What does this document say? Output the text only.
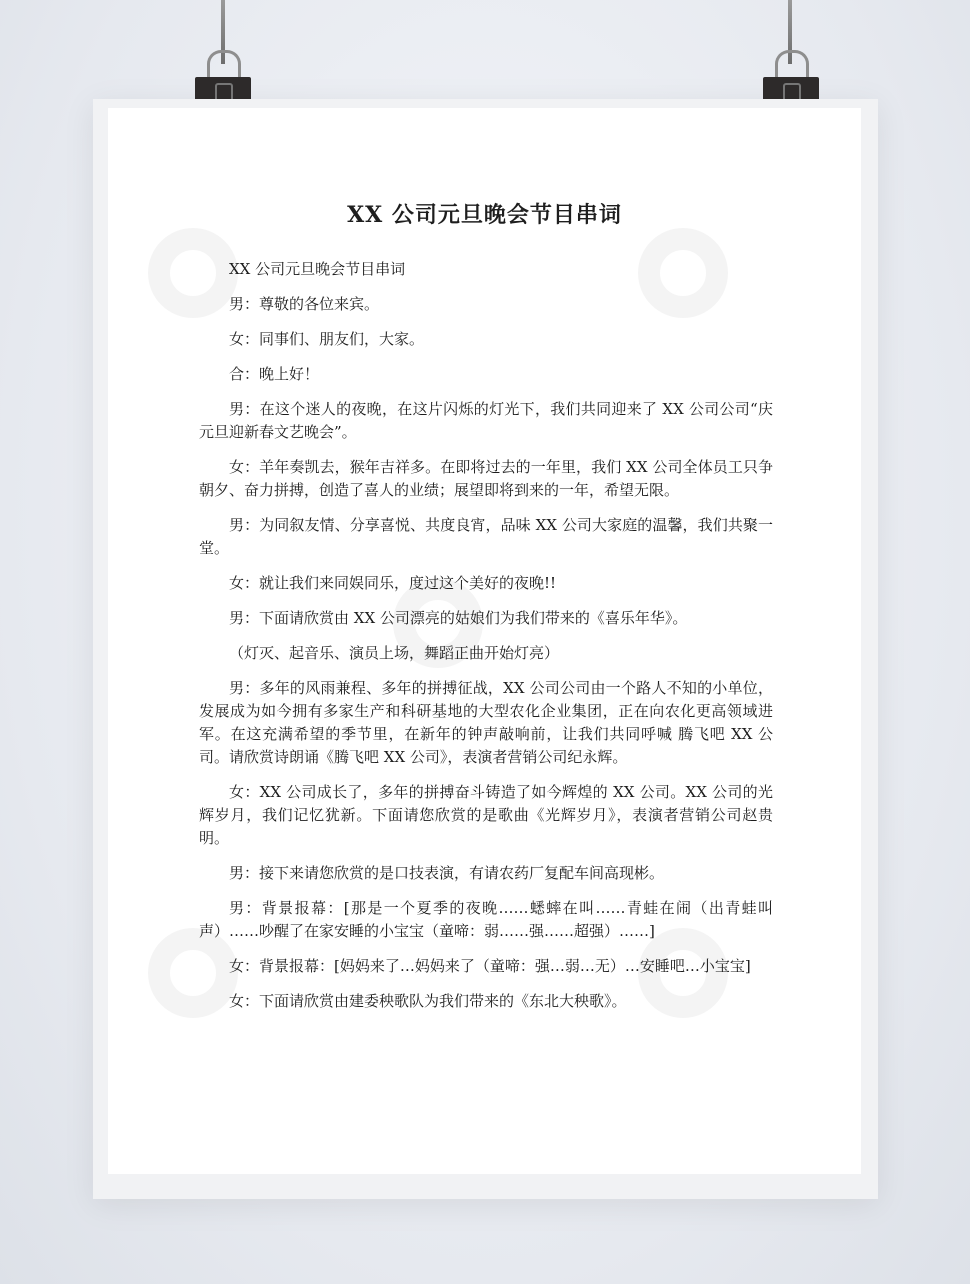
XX 公司元旦晚会节目串词

XX 公司元旦晚会节目串词

男：尊敬的各位来宾。

女：同事们、朋友们，大家。

合：晚上好！

男：在这个迷人的夜晚，在这片闪烁的灯光下，我们共同迎来了 XX 公司公司“庆元旦迎新春文艺晚会”。

女：羊年奏凯去，猴年吉祥多。在即将过去的一年里，我们 XX 公司全体员工只争朝夕、奋力拼搏，创造了喜人的业绩；展望即将到来的一年，希望无限。

男：为同叙友情、分享喜悦、共度良宵，品味 XX 公司大家庭的温馨，我们共聚一堂。

女：就让我们来同娱同乐，度过这个美好的夜晚!!

男：下面请欣赏由 XX 公司漂亮的姑娘们为我们带来的《喜乐年华》。

（灯灭、起音乐、演员上场，舞蹈正曲开始灯亮）

男：多年的风雨兼程、多年的拼搏征战，XX 公司公司由一个路人不知的小单位，发展成为如今拥有多家生产和科研基地的大型农化企业集团，正在向农化更高领域进军。在这充满希望的季节里，在新年的钟声敲响前，让我们共同呼喊 腾飞吧 XX 公司。请欣赏诗朗诵《腾飞吧 XX 公司》，表演者营销公司纪永辉。

女：XX 公司成长了，多年的拼搏奋斗铸造了如今辉煌的 XX 公司。XX 公司的光辉岁月，我们记忆犹新。下面请您欣赏的是歌曲《光辉岁月》，表演者营销公司赵贵明。

男：接下来请您欣赏的是口技表演，有请农药厂复配车间高现彬。

男：背景报幕：[那是一个夏季的夜晚……蟋蟀在叫……青蛙在闹（出青蛙叫声）……吵醒了在家安睡的小宝宝（童啼：弱……强……超强）……]

女：背景报幕：[妈妈来了…妈妈来了（童啼：强…弱…无）…安睡吧…小宝宝]

女：下面请欣赏由建委秧歌队为我们带来的《东北大秧歌》。
